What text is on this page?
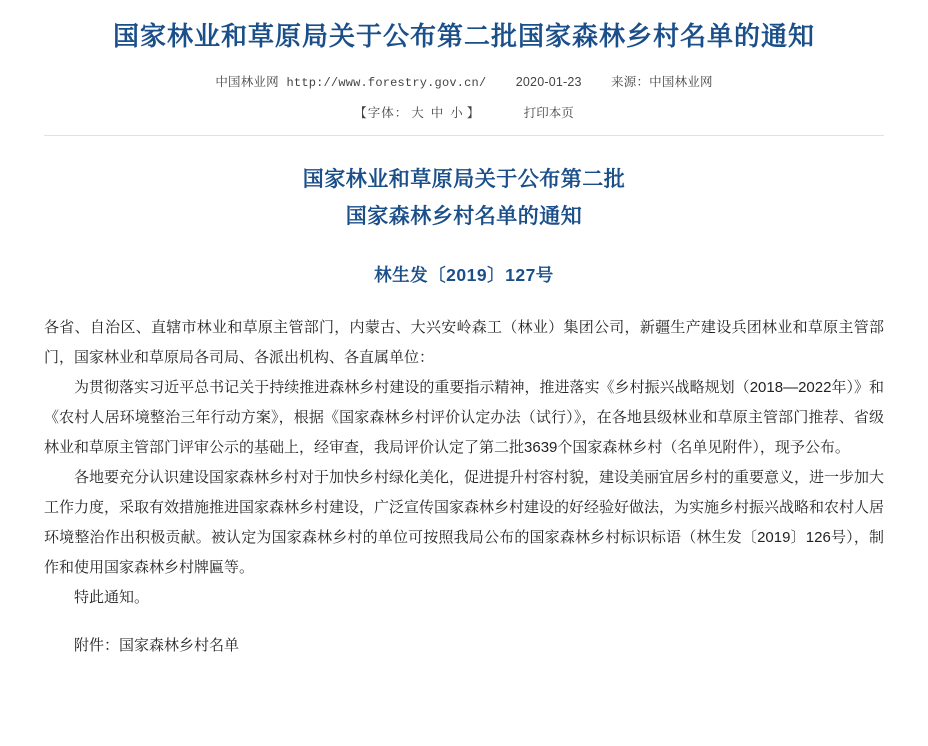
国家林业和草原局关于公布第二批国家森林乡村名单的通知
中国林业网 http://www.forestry.gov.cn/ 2020-01-23 来源：中国林业网
【字体： 大 中 小 】	打印本页
国家林业和草原局关于公布第二批
国家森林乡村名单的通知
林生发〔2019〕127号

各省、自治区、直辖市林业和草原主管部门，内蒙古、大兴安岭森工（林业）集团公司，新疆生产建设兵团林业和草原主管部门，国家林业和草原局各司局、各派出机构、各直属单位：

为贯彻落实习近平总书记关于持续推进森林乡村建设的重要指示精神，推进落实《乡村振兴战略规划（2018—2022年）》和《农村人居环境整治三年行动方案》，根据《国家森林乡村评价认定办法（试行）》，在各地县级林业和草原主管部门推荐、省级林业和草原主管部门评审公示的基础上，经审查，我局评价认定了第二批3639个国家森林乡村（名单见附件），现予公布。

各地要充分认识建设国家森林乡村对于加快乡村绿化美化，促进提升村容村貌，建设美丽宜居乡村的重要意义，进一步加大工作力度，采取有效措施推进国家森林乡村建设，广泛宣传国家森林乡村建设的好经验好做法，为实施乡村振兴战略和农村人居环境整治作出积极贡献。被认定为国家森林乡村的单位可按照我局公布的国家森林乡村标识标语（林生发〔2019〕126号），制作和使用国家森林乡村牌匾等。

特此通知。

附件：国家森林乡村名单
